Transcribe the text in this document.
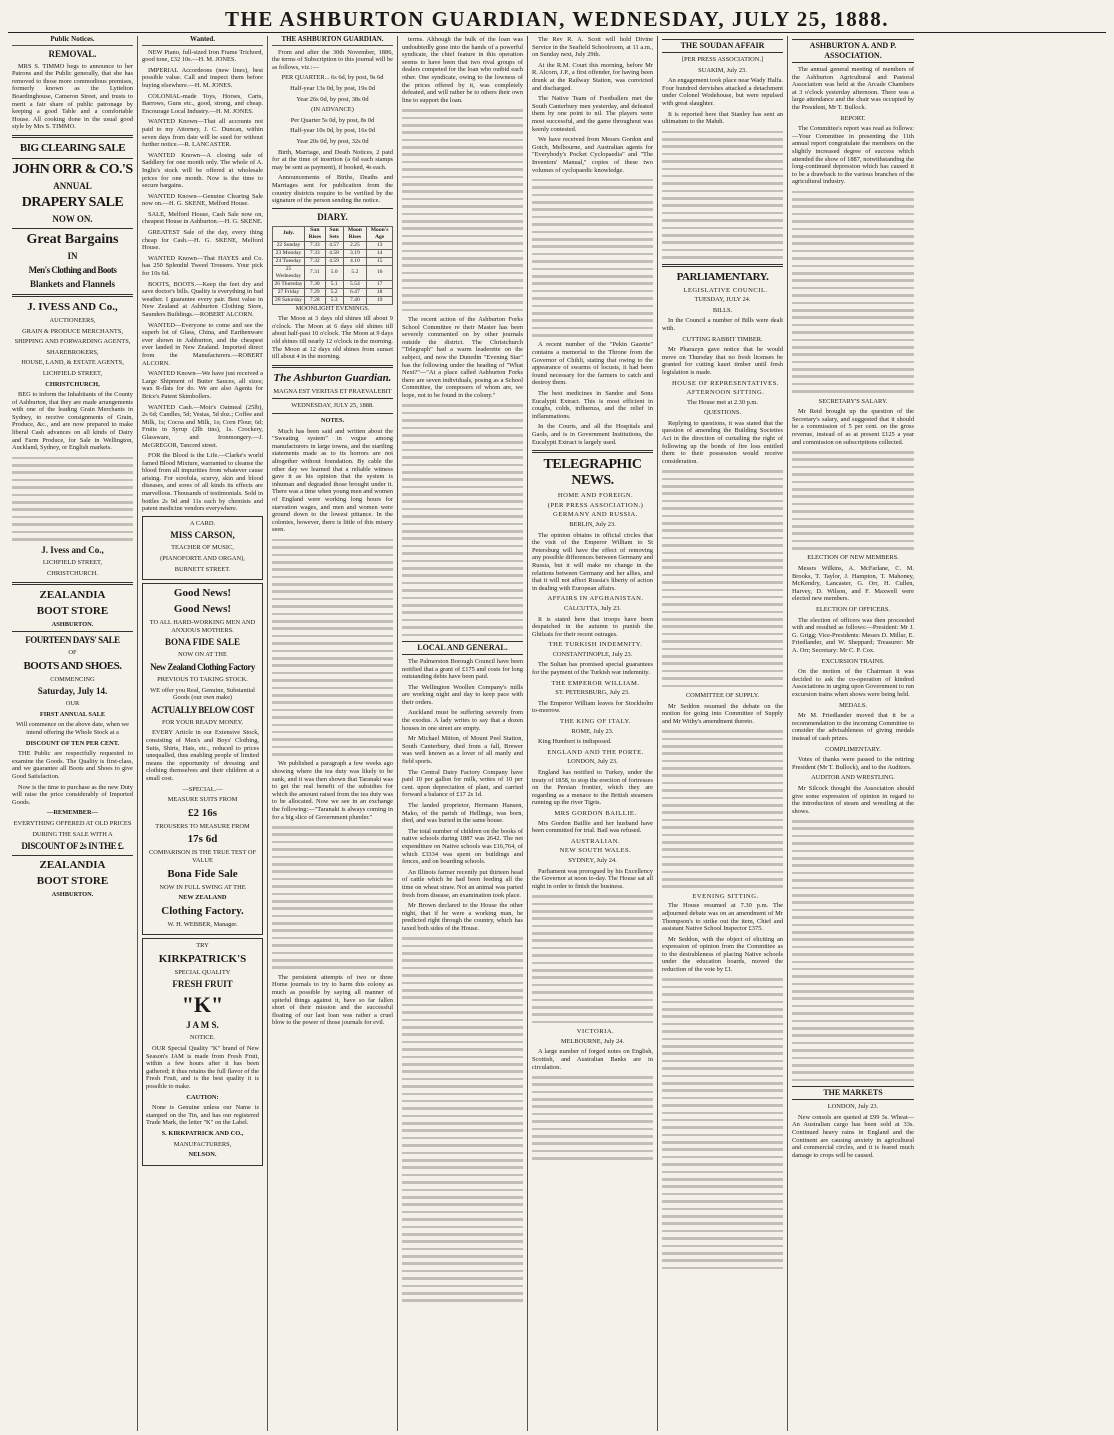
THE ASHBURTON GUARDIAN, WEDNESDAY, JULY 25, 1888.
Public Notices.

REMOVAL.

MRS S. TIMMO begs to announce to her Patrons and the Public generally, that she has removed to those more commodious premises, formerly known as the Lyttelton Boardinghouse, Cameron Street, and trusts to merit a fair share of public patronage by keeping a good Table and a comfortable House. All cooking done in the usual good style by Mrs S. TIMMO.

BIG CLEARING SALE

JOHN ORR & CO.'S

ANNUAL

DRAPERY SALE

NOW ON.

Great Bargains

IN

Men's Clothing and Boots

Blankets and Flannels

J. IVESS AND Co.,

AUCTIONEERS,

GRAIN & PRODUCE MERCHANTS,

SHIPPING AND FORWARDING AGENTS,

SHAREBROKERS,

HOUSE, LAND, & ESTATE AGENTS,

LICHFIELD STREET,

CHRISTCHURCH,

BEG to inform the Inhabitants of the County of Ashburton, that they are made arrangements with one of the leading Grain Merchants in Sydney, to receive consignments of Grain, Produce, &c., and are now prepared to make liberal Cash advances on all kinds of Dairy and Farm Produce, for Sale in Wellington, Auckland, Sydney, or English markets.

J. Ivess and Co.,

LICHFIELD STREET,

CHRISTCHURCH.

ZEALANDIA

BOOT STORE

ASHBURTON.

FOURTEEN DAYS' SALE

OF

BOOTS AND SHOES.

COMMENCING

Saturday, July 14.

OUR

FIRST ANNUAL SALE

Will commence on the above date, when we intend offering the Whole Stock at a

DISCOUNT OF TEN PER CENT.

THE Public are respectfully requested to examine the Goods. The Quality is first-class, and we guarantee all Boots and Shoes to give Good Satisfaction.

Now is the time to purchase as the new Duty will raise the price considerably of Imported Goods.

—REMEMBER—

EVERYTHING OFFERED AT OLD PRICES

DURING THE SALE WITH A

DISCOUNT OF 2s IN THE £.

ZEALANDIA

BOOT STORE

ASHBURTON.

Wanted.

NEW Piano, full-sized Iron Frame Trichord, good tone, £32 10s.—H. M. JONES.

IMPERIAL Accordeons (new lines), best possible value. Call and inspect them before buying elsewhere.—H. M. JONES.

COLONIAL-made Toys, Horses, Carts, Barrows, Guns etc., good, strong, and cheap. Encourage Local Industry.—H. M. JONES.

WANTED Known—That all accounts not paid to my Attorney, J. C. Duncan, within seven days from date will be sued for without further notice.—R. LANCASTER.

WANTED Known—A closing sale of Saddlery for one month only. The whole of A. Inglis's stock will be offered at wholesale prices for one month. Now is the time to secure bargains.

WANTED Known—Genuine Clearing Sale now on.—H. G. SKENE, Melford House.

SALE, Melford House, Cash Sale now on, cheapest House in Ashburton.—H. G. SKENE.

GREATEST Sale of the day, every thing cheap for Cash.—H. G. SKENE, Melford House.

WANTED Known—That HAYES and Co. has 250 Splendid Tweed Trousers. Your pick for 10s 6d.

BOOTS, BOOTS.—Keep the feet dry and save doctor's bills. Quality is everything in bad weather. I guarantee every pair. Best value in New Zealand at Ashburton Clothing Store, Saunders Buildings.—ROBERT ALCORN.

WANTED—Everyone to come and see the superb lot of Glass, China, and Earthenware ever shown in Ashburton, and the cheapest ever landed in New Zealand. Imported direct from the Manufacturers.—ROBERT ALCORN.

WANTED Known—We have just received a Large Shipment of Butter Sauces, all sizes; wax R-flats for do. We are also Agents for Brice's Patent Skimbollers.

WANTED Cash.—Moir's Oatmeal (25lb), 2s 6d; Candles, 5d; Vestas, 5d doz.; Coffee and Milk, 1s; Cocoa and Milk, 1s; Corn Flour, 6d; Fruits in Syrup (2lb tins), 1s. Crockery, Glassware, and Ironmongery.—J. McGREGOR, Tancred street.

FOR the Blood is the Life.—Clarke's world famed Blood Mixture, warranted to cleanse the blood from all impurities from whatever cause arising. For scrofula, scurvy, skin and blood diseases, and sores of all kinds its effects are marvellous. Thousands of testimonials. Sold in bottles 2s 9d and 11s each by chemists and patent medicine vendors everywhere.

A CARD.

MISS CARSON,

TEACHER OF MUSIC,

(PIANOFORTE AND ORGAN),

BURNETT STREET.

Good News!

Good News!

TO ALL HARD-WORKING MEN AND ANXIOUS MOTHERS.

BONA FIDE SALE

NOW ON AT THE

New Zealand Clothing Factory

PREVIOUS TO TAKING STOCK.

WE offer you Real, Genuine, Substantial Goods (our own make)

ACTUALLY BELOW COST

FOR YOUR READY MONEY.

EVERY Article in our Extensive Stock, consisting of Men's and Boys' Clothing, Suits, Shirts, Hats, etc., reduced to prices unequalled, thus enabling people of limited means the opportunity of dressing and clothing themselves and their children at a small cost.

—SPECIAL.—

MEASURE SUITS FROM

£2 16s

TROUSERS TO MEASURE FROM

17s 6d

COMPARISON IS THE TRUE TEST OF VALUE

Bona Fide Sale

NOW IN FULL SWING AT THE

NEW ZEALAND

Clothing Factory.

W. H. WEBBER, Manager.

TRY

KIRKPATRICK'S

SPECIAL QUALITY

FRESH FRUIT

"K"

J A M S.

NOTICE.

OUR Special Quality "K" brand of New Season's JAM is made from Fresh Fruit, within a few hours after it has been gathered; it thus retains the full flavor of the Fresh Fruit, and is the best quality it is possible to make.

CAUTION:

None is Genuine unless our Name is stamped on the Tin, and has our registered Trade Mark, the letter "K" on the Label.

S. KIRKPATRICK AND CO.,

MANUFACTURERS,

NELSON.

THE ASHBURTON GUARDIAN.

From and after the 30th November, 1886, the terms of Subscription to this journal will be as follows, viz.:—

PER QUARTER... 6s 6d, by post, 9s 6d

Half-year 13s 0d, by post, 19s 0d

Year 26s 0d, by post, 38s 0d

(IN ADVANCE)

Per Quarter 5s 0d, by post, 8s 0d

Half-year 10s 0d, by post, 16s 0d

Year 20s 0d, by post, 32s 0d

Birth, Marriage, and Death Notices, 2 paid for at the time of insertion (a 6d each stamps may be sent as payment), if booked, 4s each.

Announcements of Births, Deaths and Marriages sent for publication from the country districts require to be verified by the signature of the person sending the notice.

DIARY.

July.	Sun Rises	Sun Sets	Moon Rises	Moon's Age
22 Sunday	7.33	4.57	2.25	13
23 Monday	7.33	4.58	3.19	14
24 Tuesday	7.32	4.59	4.10	15
25 Wednesday	7.31	5.0	5.2	16
26 Thursday	7.30	5.1	5.54	17
27 Friday	7.29	5.2	6.47	18
28 Saturday	7.28	5.3	7.40	19

MOONLIGHT EVENINGS.

The Moon at 3 days old shines till about 9 o'clock. The Moon at 6 days old shines till about half-past 10 o'clock. The Moon at 9 days old shines till nearly 12 o'clock in the morning. The Moon at 12 days old shines from sunset till about 4 in the morning.

The Ashburton Guardian.

MAGNA EST VERITAS ET PRAEVALEBIT

WEDNESDAY, JULY 25, 1888.

NOTES.

Much has been said and written about the "Sweating system" in vogue among manufacturers in large towns, and the startling statements made as to its horrors are not altogether without foundation. By cable the other day we learned that a reliable witness gave it as his opinion that the system is inhuman and degraded those brought under it. There was a time when young men and women of England were working long hours for starvation wages, and men and women were ground down to the lowest pittance. In the colonies, however, there is little of this misery seen.

We published a paragraph a few weeks ago showing where the tea duty was likely to be sunk, and it was then shown that Taranaki was to get the real benefit of the subsidies for which the amount raised from the tea duty was to be allocated. Now we see in an exchange the following:—"Taranaki is always coming in for a big slice of Government plunder."

The persistent attempts of two or three Home journals to try to harm this colony as much as possible by saying all manner of spiteful things against it, have so far fallen short of their mission and the successful floating of our last loan was rather a cruel blow to the power of those journals for evil.

terms. Although the bulk of the loan was undoubtedly gone into the hands of a powerful syndicate, the chief feature in this operation seems to have been that two rival groups of dealers competed for the loan who outbid each other. One syndicate, owing to the lowness of the prices offered by it, was completely defeated, and will rather be to others their own line to support the loan.

The recent action of the Ashburton Forks School Committee re their Master has been severely commented on by other journals outside the district. The Christchurch "Telegraph" had a warm leaderette on the subject, and now the Dunedin "Evening Star" has the following under the heading of "What Next?"—"At a place called Ashburton Forks there are seven individuals, posing as a School Committee, the composers of whom are, we hope, not to be found in the colony."

LOCAL AND GENERAL.

The Palmerston Borough Council have been notified that a grant of £175 and costs for long outstanding debts have been paid.

The Wellington Woollen Company's mills are working night and day to keep pace with their orders.

Auckland must be suffering severely from the exodus. A lady writes to say that a dozen houses in one street are empty.

Mr Michael Mitton, of Mount Peel Station, South Canterbury, died from a fall, Brewer was well known as a lover of all manly and field sports.

The Central Dairy Factory Company have paid 10 per gallon for milk, writes of 10 per cent. upon depreciation of plant, and carried forward a balance of £17 2s 1d.

The landed proprietor, Hermann Hansen, Mako, of the parish of Hellinge, was born, died, and was buried in the same house.

The total number of children on the books of native schools during 1887 was 2642. The net expenditure on Native schools was £16,764, of which £3334 was spent on buildings and fences, and on boarding schools.

An Illinois farmer recently put thirteen head of cattle which he had been feeding all the time on wheat straw. Not an animal was parted fresh from disease, an examination took place.

Mr Brown declared to the House the other night, that if he were a working man, he predicted right through the country, which has taxed both sides of the House.

The Rev R. A. Scott will hold Divine Service in the Seafield Schoolroom, at 11 a.m., on Sunday next, July 29th.

At the R.M. Court this morning, before Mr R. Alcorn, J.P., a first offender, for having been drunk at the Railway Station, was convicted and discharged.

The Native Team of Footballers met the South Canterbury men yesterday, and defeated them by one point to nil. The players were most successful, and the game throughout was keenly contested.

We have received from Messrs Gordon and Gotch, Melbourne, and Australian agents for "Everybody's Pocket Cyclopaedia" and "The Inventors' Manual," copies of these two volumes of cyclopaedic knowledge.

A recent number of the "Pekin Gazette" contains a memorial to the Throne from the Governor of Chihli, stating that owing to the appearance of swarms of locusts, it had been found necessary for the farmers to catch and destroy them.

The best medicines in Sandor and Sons Eucalypti Extract. This is most efficient in coughs, colds, influenza, and the relief in inflammations.

In the Courts, and all the Hospitals and Gaols, and is in Government Institutions, the Eucalypti Extract is largely used.

TELEGRAPHIC NEWS.

HOME AND FOREIGN.

(PER PRESS ASSOCIATION.)

GERMANY AND RUSSIA.

BERLIN, July 23.

The opinion obtains in official circles that the visit of the Emperor William to St Petersburg will have the effect of removing any possible differences between Germany and Russia, but it will make no change in the relations between Germany and her allies, and that it will not affect Russia's liberty of action in dealing with European affairs.

AFFAIRS IN AFGHANISTAN.

CALCUTTA, July 23.

It is stated here that troops have been despatched in the autumn to punish the Ghilzais for their recent outrages.

THE TURKISH INDEMNITY.

CONSTANTINOPLE, July 23.

The Sultan has promised special guarantees for the payment of the Turkish war indemnity.

THE EMPEROR WILLIAM.

ST. PETERSBURG, July 23.

The Emperor William leaves for Stockholm to-morrow.

THE KING OF ITALY.

ROME, July 23.

King Humbert is indisposed.

ENGLAND AND THE PORTE.

LONDON, July 23.

England has notified to Turkey, under the treaty of 1858, to stop the erection of fortresses on the Persian frontier, which they are regarding as a menace to the British steamers running up the river Tigris.

MRS GORDON BAILLIE.

Mrs Gordon Baillie and her husband have been committed for trial. Bail was refused.

AUSTRALIAN.

NEW SOUTH WALES.

SYDNEY, July 24.

Parliament was prorogued by his Excellency the Governor at noon to-day. The House sat all night in order to finish the business.

VICTORIA.

MELBOURNE, July 24.

A large number of forged notes on English, Scottish, and Australian Banks are in circulation.

THE SOUDAN AFFAIR

[PER PRESS ASSOCIATION.]

SUAKIM, July 23.

An engagement took place near Wady Halfa. Four hundred dervishes attacked a detachment under Colonel Wodehouse, but were repulsed with great slaughter.

It is reported here that Stanley has sent an ultimatum to the Mahdi.

PARLIAMENTARY.

LEGISLATIVE COUNCIL.

TUESDAY, JULY 24.

BILLS.

In the Council a number of Bills were dealt with.

CUTTING RABBIT TIMBER.

Mr Pharazyn gave notice that he would move on Thursday that no fresh licenses be granted for cutting kauri timber until fresh legislation is made.

HOUSE OF REPRESENTATIVES.

AFTERNOON SITTING.

The House met at 2.30 p.m.

QUESTIONS.

Replying to questions, it was stated that the question of amending the Building Societies Act in the direction of curtailing the right of following up the bonds of fire loss entitled them to their possession would receive consideration.

COMMITTEE OF SUPPLY.

Mr Seddon resumed the debate on the motion for going into Committee of Supply and Mr Withy's amendment thereto.

EVENING SITTING.

The House resumed at 7.30 p.m. The adjourned debate was on an amendment of Mr Thompson's to strike out the item, Chief and assistant Native School Inspector £375.

Mr Seddon, with the object of eliciting an expression of opinion from the Committee as to the desirableness of placing Native schools under the education boards, moved the reduction of the vote by £1.

ASHBURTON A. AND P. ASSOCIATION.

The annual general meeting of members of the Ashburton Agricultural and Pastoral Association was held at the Arcade Chambers at 3 o'clock yesterday afternoon. There was a large attendance and the chair was occupied by the President, Mr T. Bullock.

REPORT.

The Committee's report was read as follows:—Your Committee in presenting the 11th annual report congratulate the members on the slightly increased degree of success which attended the show of 1887, notwithstanding the long-continued depression which has caused it to be a drawback to the various branches of the agricultural industry.

SECRETARY'S SALARY.

Mr Reid brought up the question of the Secretary's salary, and suggested that it should be a commission of 5 per cent. on the gross revenue, instead of as at present £125 a year and commission on subscriptions collected.

ELECTION OF NEW MEMBERS.

Messrs Wilkins, A. McFarlane, C. M. Brooks, T. Taylor, J. Hampton, T. Mahoney, McKendry, Lancaster, G. Orr, H. Cullen, Harvey, D. Wilson, and F. Maxwell were elected new members.

ELECTION OF OFFICERS.

The election of officers was then proceeded with and resulted as follows:—President: Mr J. G. Grigg; Vice-Presidents: Messrs D. Millar, E. Friedlander, and W. Sheppard; Treasurer: Mr A. Orr; Secretary: Mr C. P. Cox.

EXCURSION TRAINS.

On the motion of the Chairman it was decided to ask the co-operation of kindred Associations in urging upon Government to run excursion trains when shows were being held.

MEDALS.

Mr M. Friedlander moved that it be a recommendation to the incoming Committee to consider the advisableness of giving medals instead of cash prizes.

COMPLIMENTARY.

Votes of thanks were passed to the retiring President (Mr T. Bullock), and to the Auditors.

AUDITOR AND WRESTLING.

Mr Silcock thought the Association should give some expression of opinion in regard to the introduction of steam and wrestling at the shows.

THE MARKETS

LONDON, July 23.

New consols are quoted at £99 3s. Wheat—An Australian cargo has been sold at 33s. Continued heavy rains in England and the Continent are causing anxiety in agricultural and commercial circles, and it is feared much damage to crops will be caused.
